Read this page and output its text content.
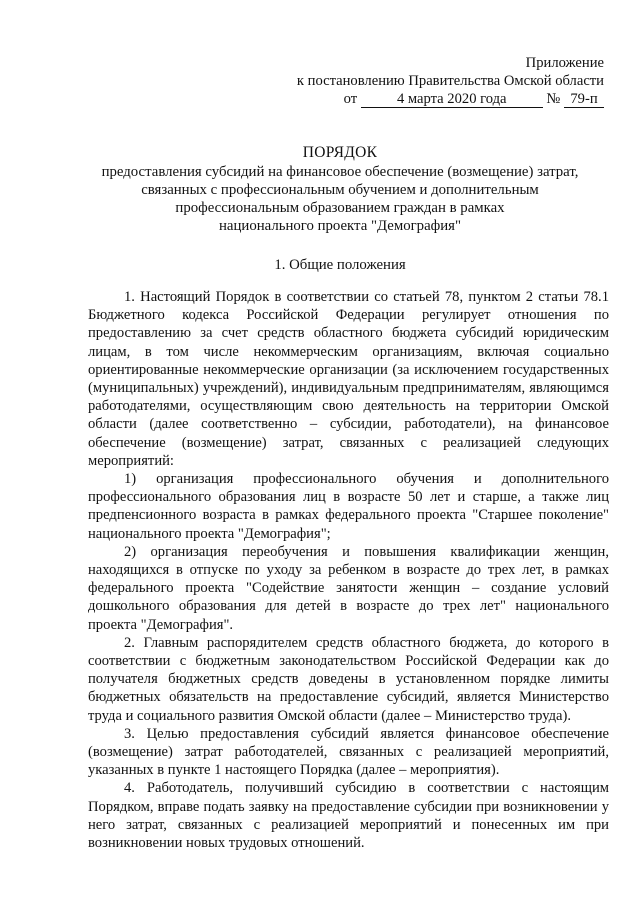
Приложение
к постановлению Правительства Омской области
от	4 марта 2020 года	№ 79-п
ПОРЯДОК
предоставления субсидий на финансовое обеспечение (возмещение) затрат,
связанных с профессиональным обучением и дополнительным
профессиональным образованием граждан в рамках
национального проекта "Демография"
1. Общие положения

1. Настоящий Порядок в соответствии со статьей 78, пунктом 2 статьи 78.1 Бюджетного кодекса Российской Федерации регулирует отношения по предоставлению за счет средств областного бюджета субсидий юридическим лицам, в том числе некоммерческим организациям, включая социально ориентированные некоммерческие организации (за исключением государственных (муниципальных) учреждений), индивидуальным предпринимателям, являющимся работодателями, осуществляющим свою деятельность на территории Омской области (далее соответственно – субсидии, работодатели), на финансовое обеспечение (возмещение) затрат, связанных с реализацией следующих мероприятий:

1) организация профессионального обучения и дополнительного профессионального образования лиц в возрасте 50 лет и старше, а также лиц предпенсионного возраста в рамках федерального проекта "Старшее поколение" национального проекта "Демография";

2) организация переобучения и повышения квалификации женщин, находящихся в отпуске по уходу за ребенком в возрасте до трех лет, в рамках федерального проекта "Содействие занятости женщин – создание условий дошкольного образования для детей в возрасте до трех лет" национального проекта "Демография".

2. Главным распорядителем средств областного бюджета, до которого в соответствии с бюджетным законодательством Российской Федерации как до получателя бюджетных средств доведены в установленном порядке лимиты бюджетных обязательств на предоставление субсидий, является Министерство труда и социального развития Омской области (далее – Министерство труда).

3. Целью предоставления субсидий является финансовое обеспечение (возмещение) затрат работодателей, связанных с реализацией мероприятий, указанных в пункте 1 настоящего Порядка (далее – мероприятия).

4. Работодатель, получивший субсидию в соответствии с настоящим Порядком, вправе подать заявку на предоставление субсидии при возникновении у него затрат, связанных с реализацией мероприятий и понесенных им при возникновении новых трудовых отношений.
